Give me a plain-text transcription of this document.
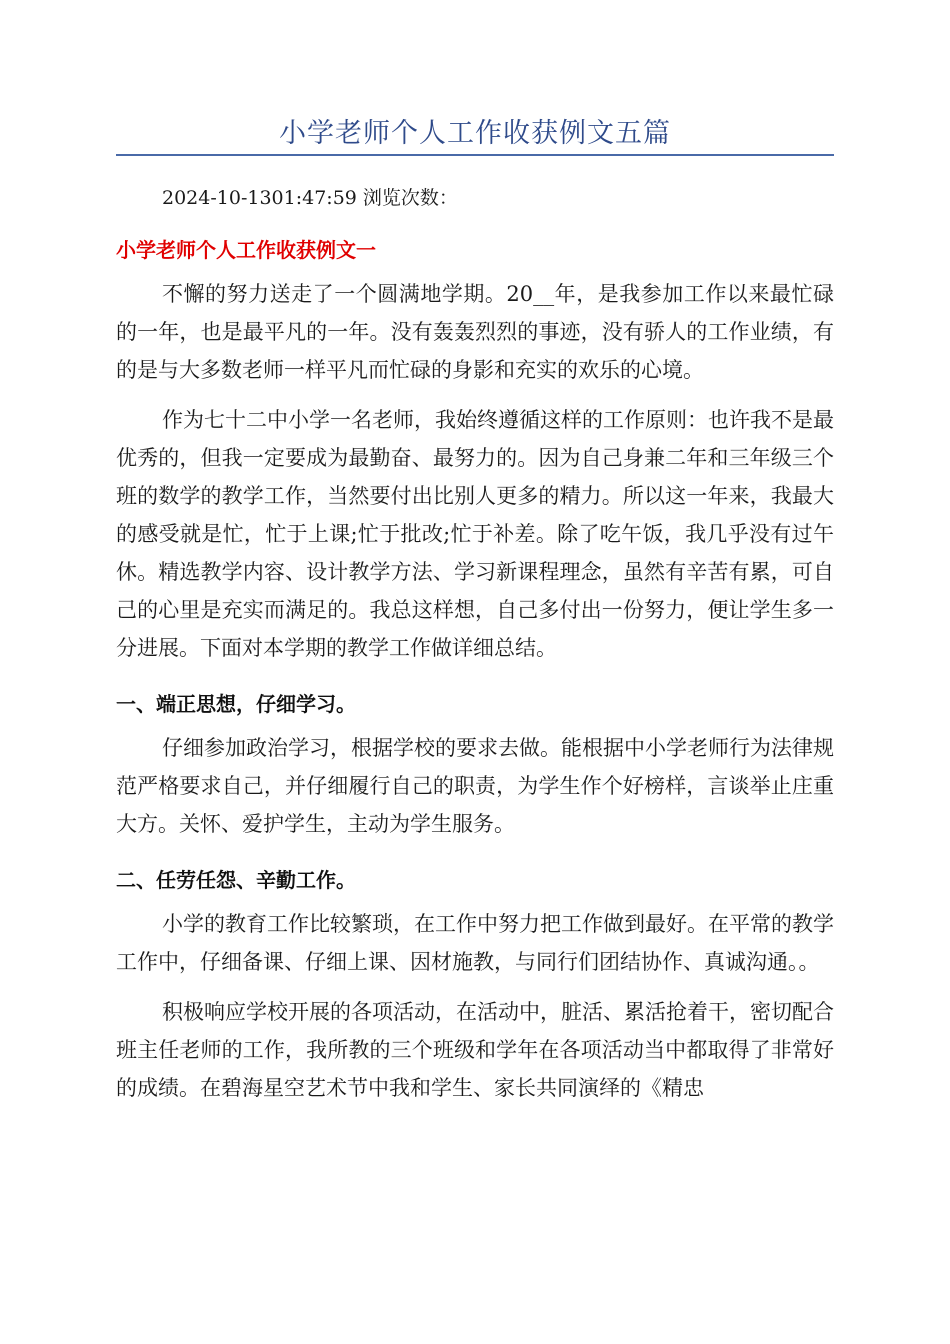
小学老师个人工作收获例文五篇

2024-10-1301:47:59 浏览次数：

小学老师个人工作收获例文一

不懈的努力送走了一个圆满地学期。20__年，是我参加工作以来最忙碌的一年，也是最平凡的一年。没有轰轰烈烈的事迹，没有骄人的工作业绩，有的是与大多数老师一样平凡而忙碌的身影和充实的欢乐的心境。

作为七十二中小学一名老师，我始终遵循这样的工作原则：也许我不是最优秀的，但我一定要成为最勤奋、最努力的。因为自己身兼二年和三年级三个班的数学的教学工作，当然要付出比别人更多的精力。所以这一年来，我最大的感受就是忙，忙于上课;忙于批改;忙于补差。除了吃午饭，我几乎没有过午休。精选教学内容、设计教学方法、学习新课程理念，虽然有辛苦有累，可自己的心里是充实而满足的。我总这样想，自己多付出一份努力，便让学生多一分进展。下面对本学期的教学工作做详细总结。

一、端正思想，仔细学习。

仔细参加政治学习，根据学校的要求去做。能根据中小学老师行为法律规范严格要求自己，并仔细履行自己的职责，为学生作个好榜样，言谈举止庄重大方。关怀、爱护学生，主动为学生服务。

二、任劳任怨、辛勤工作。

小学的教育工作比较繁琐，在工作中努力把工作做到最好。在平常的教学工作中，仔细备课、仔细上课、因材施教，与同行们团结协作、真诚沟通。。

积极响应学校开展的各项活动，在活动中，脏活、累活抢着干，密切配合班主任老师的工作，我所教的三个班级和学年在各项活动当中都取得了非常好的成绩。在碧海星空艺术节中我和学生、家长共同演绎的《精忠
